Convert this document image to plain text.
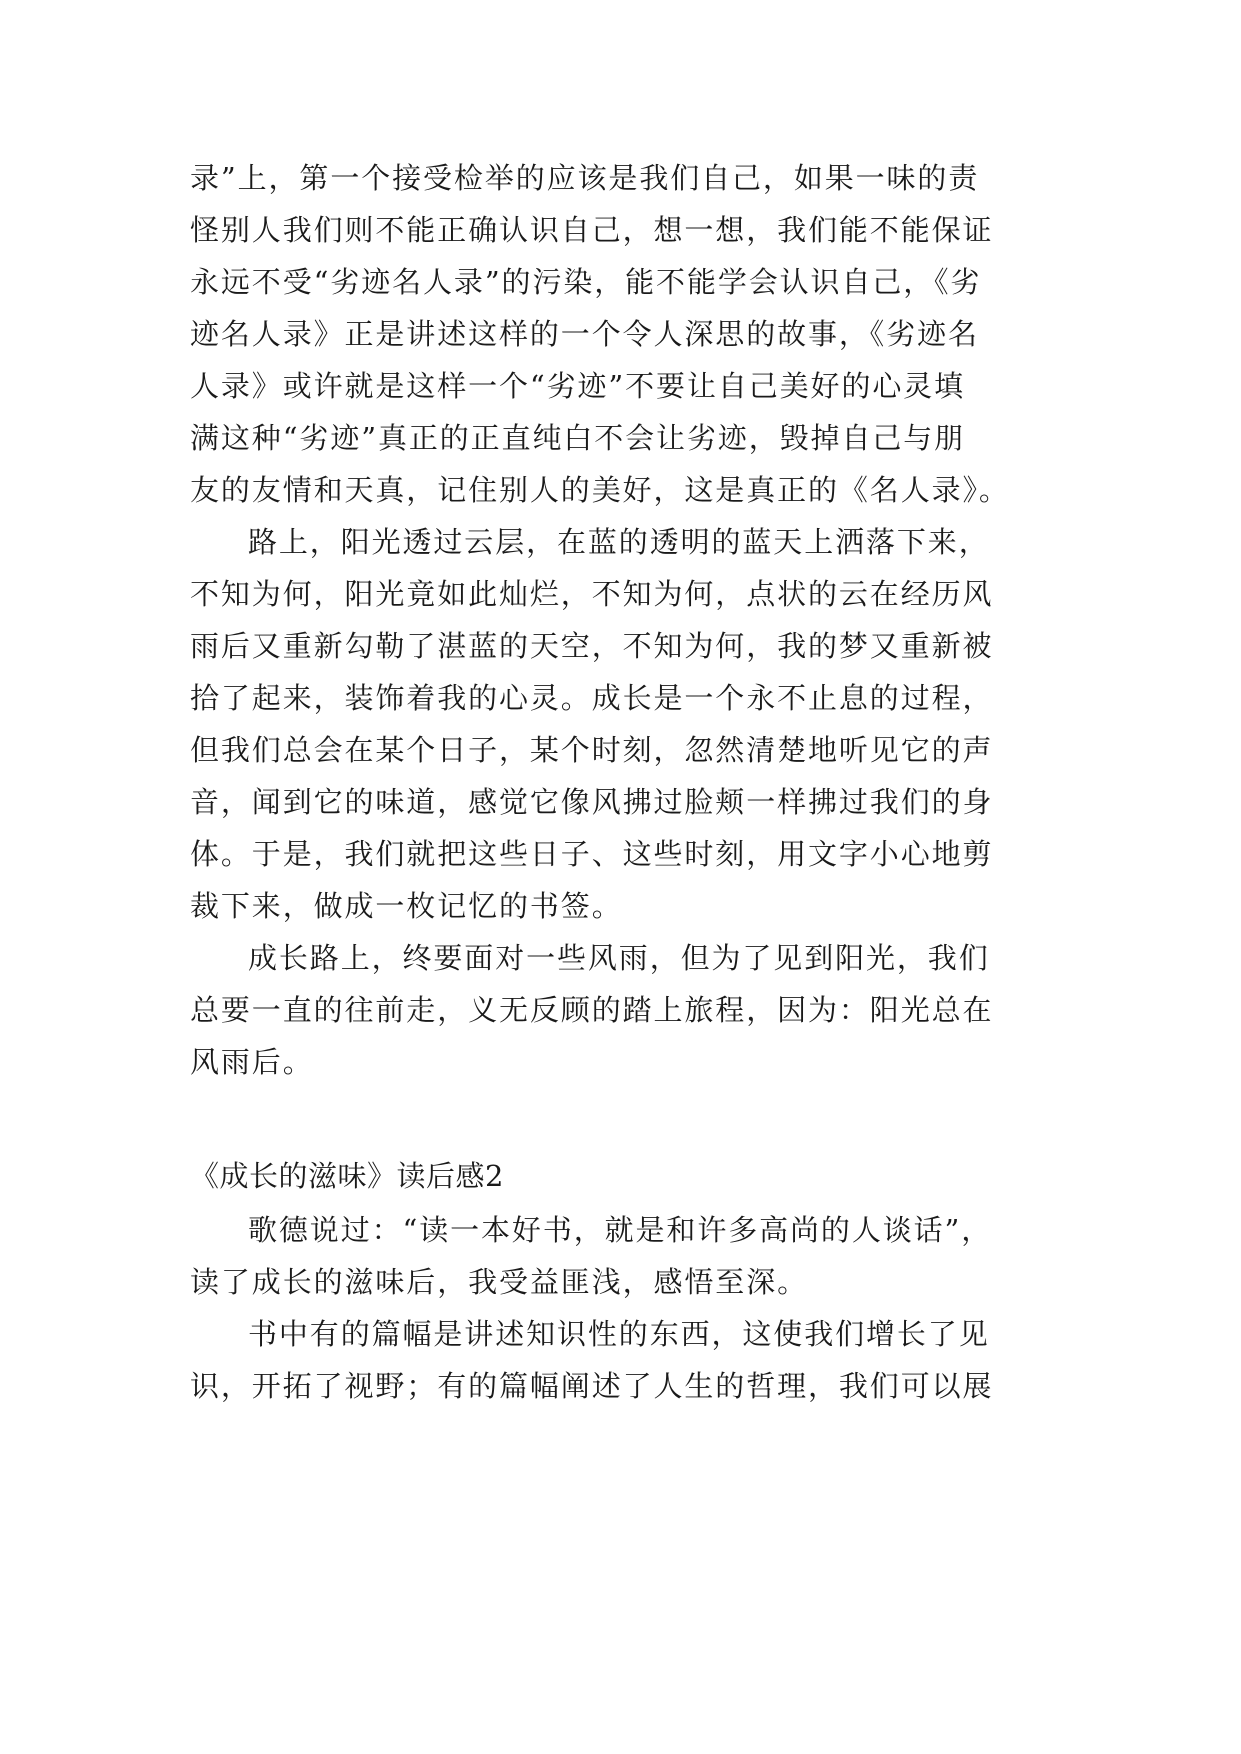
录”上，第一个接受检举的应该是我们自己，如果一味的责
怪别人我们则不能正确认识自己，想一想，我们能不能保证
永远不受“劣迹名人录”的污染，能不能学会认识自己，《劣
迹名人录》正是讲述这样的一个令人深思的故事，《劣迹名
人录》或许就是这样一个“劣迹”不要让自己美好的心灵填
满这种“劣迹”真正的正直纯白不会让劣迹，毁掉自己与朋
友的友情和天真，记住别人的美好，这是真正的《名人录》。
路上，阳光透过云层，在蓝的透明的蓝天上洒落下来，
不知为何，阳光竟如此灿烂，不知为何，点状的云在经历风
雨后又重新勾勒了湛蓝的天空，不知为何，我的梦又重新被
拾了起来，装饰着我的心灵。成长是一个永不止息的过程，
但我们总会在某个日子，某个时刻，忽然清楚地听见它的声
音，闻到它的味道，感觉它像风拂过脸颊一样拂过我们的身
体。于是，我们就把这些日子、这些时刻，用文字小心地剪
裁下来，做成一枚记忆的书签。
成长路上，终要面对一些风雨，但为了见到阳光，我们
总要一直的往前走，义无反顾的踏上旅程，因为：阳光总在
风雨后。
《成长的滋味》读后感2
歌德说过：“读一本好书，就是和许多高尚的人谈话”，
读了成长的滋味后，我受益匪浅，感悟至深。
书中有的篇幅是讲述知识性的东西，这使我们增长了见
识，开拓了视野；有的篇幅阐述了人生的哲理，我们可以展
